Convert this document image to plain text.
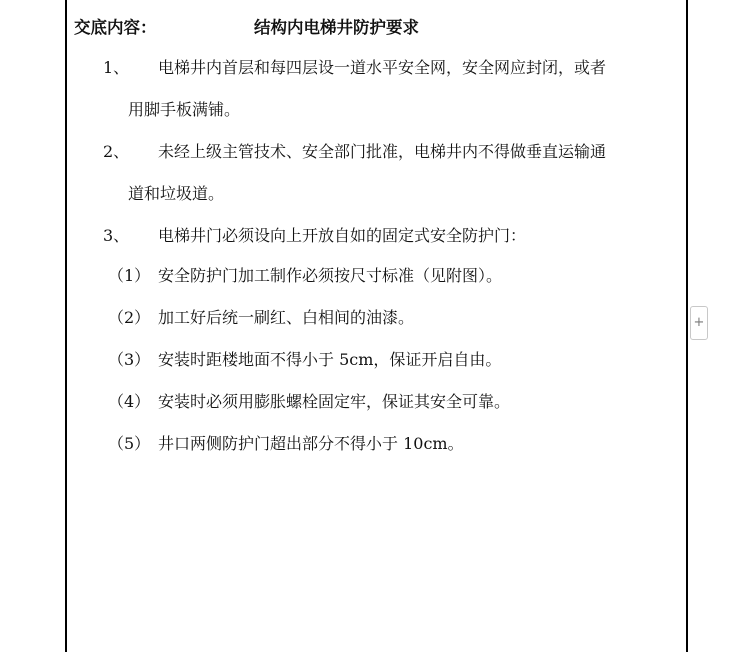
交底内容：	结构内电梯井防护要求
1、 电梯井内首层和每四层设一道水平安全网，安全网应封闭，或者
用脚手板满铺。
2、 未经上级主管技术、安全部门批准，电梯井内不得做垂直运输通
道和垃圾道。
3、 电梯井门必须设向上开放自如的固定式安全防护门：
（1） 安全防护门加工制作必须按尺寸标准（见附图）。
（2） 加工好后统一刷红、白相间的油漆。
（3） 安装时距楼地面不得小于 5cm，保证开启自由。
（4） 安装时必须用膨胀螺栓固定牢，保证其安全可靠。
（5） 井口两侧防护门超出部分不得小于 10cm。
+
